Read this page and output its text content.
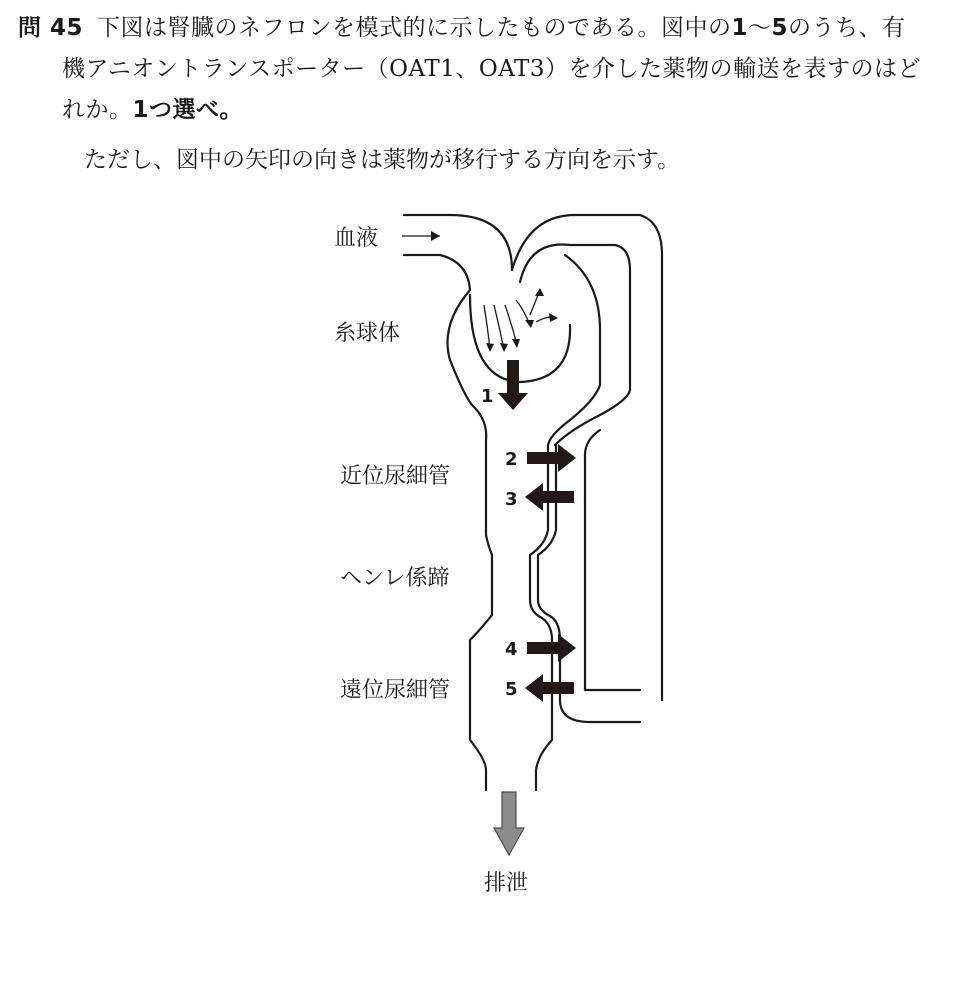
問 45 下図は腎臓のネフロンを模式的に示したものである。図中の1〜5のうち、有
機アニオントランスポーター（OAT1、OAT3）を介した薬物の輸送を表すのはど
れか。1つ選べ。
ただし、図中の矢印の向きは薬物が移行する方向を示す。
血液
糸球体
近位尿細管
ヘンレ係蹄
遠位尿細管
排泄
1
2
3
4
5
